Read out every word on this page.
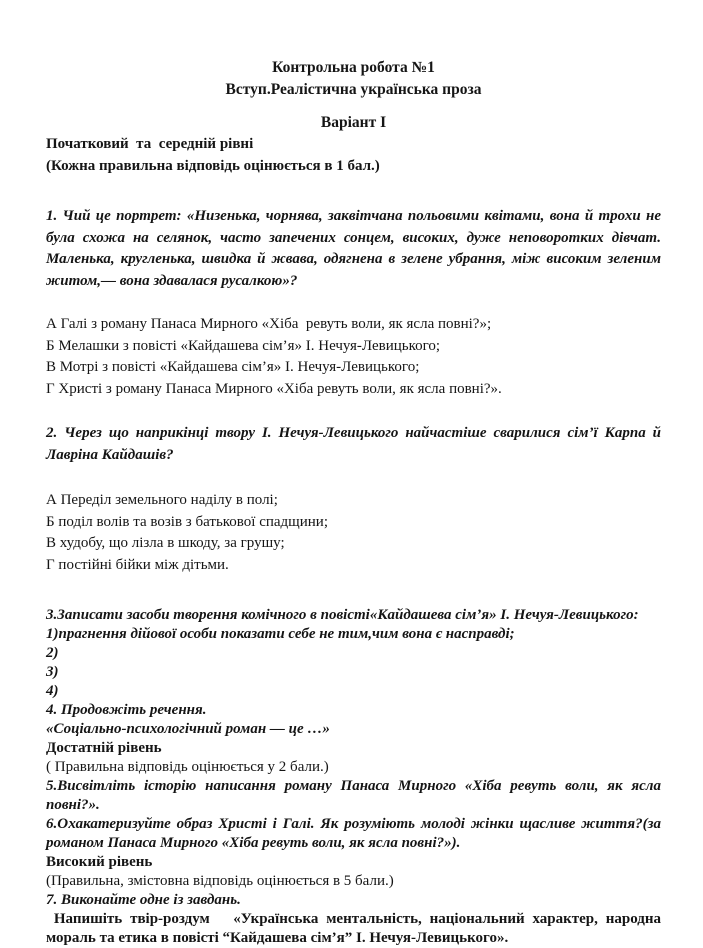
Контрольна робота №1

Вступ.Реалістична українська проза

Варіант І

Початковий  та  середній рівні

(Кожна правильна відповідь оцінюється в 1 бал.)

1. Чий це портрет: «Низенька, чорнява, заквітчана польовими квітами, вона й трохи не була схожа на селянок, часто запечених сонцем, високих, дуже неповоротких дівчат. Маленька, кругленька, швидка й жвава, одягнена в зелене убрання, між високим зеленим житом,— вона здавалася русалкою»?

А Галі з роману Панаса Мирного «Хіба  ревуть воли, як ясла повні?»;

Б Мелашки з повісті «Кайдашева сім’я» І. Нечуя-Левицького;

В Мотрі з повісті «Кайдашева сім’я» І. Нечуя-Левицького;

Г Христі з роману Панаса Мирного «Хіба ревуть воли, як ясла повні?».

2. Через що наприкінці твору І. Нечуя-Левицького найчастіше сварилися сім’ї Карпа й Лавріна Кайдашів?

А Переділ земельного наділу в полі;

Б поділ волів та возів з батькової спадщини;

В худобу, що лізла в шкоду, за грушу;

Г постійні бійки між дітьми.

3.Записати засоби творення комічного в повісті«Кайдашева сім’я» І. Нечуя-Левицького:

1)прагнення дійової особи показати себе не тим,чим вона є насправді;

2)

3)

4)

4. Продовжіть речення.

«Соціально-психологічний роман — це …»

Достатній рівень

( Правильна відповідь оцінюється у 2 бали.)

5.Висвітліть історію написання роману Панаса Мирного «Хіба ревуть воли, як ясла повні?».

6.Охакатеризуйте образ Христі і Галі. Як розуміють молоді жінки щасливе життя?(за романом Панаса Мирного «Хіба ревуть воли, як ясла повні?»).

Високий рівень

(Правильна, змістовна відповідь оцінюється в 5 бали.)

7. Виконайте одне із завдань.

Напишіть твір-роздум   «Українська ментальність, національний характер, народна мораль та етика в повісті “Кайдашева сім’я” І. Нечуя-Левицького».
